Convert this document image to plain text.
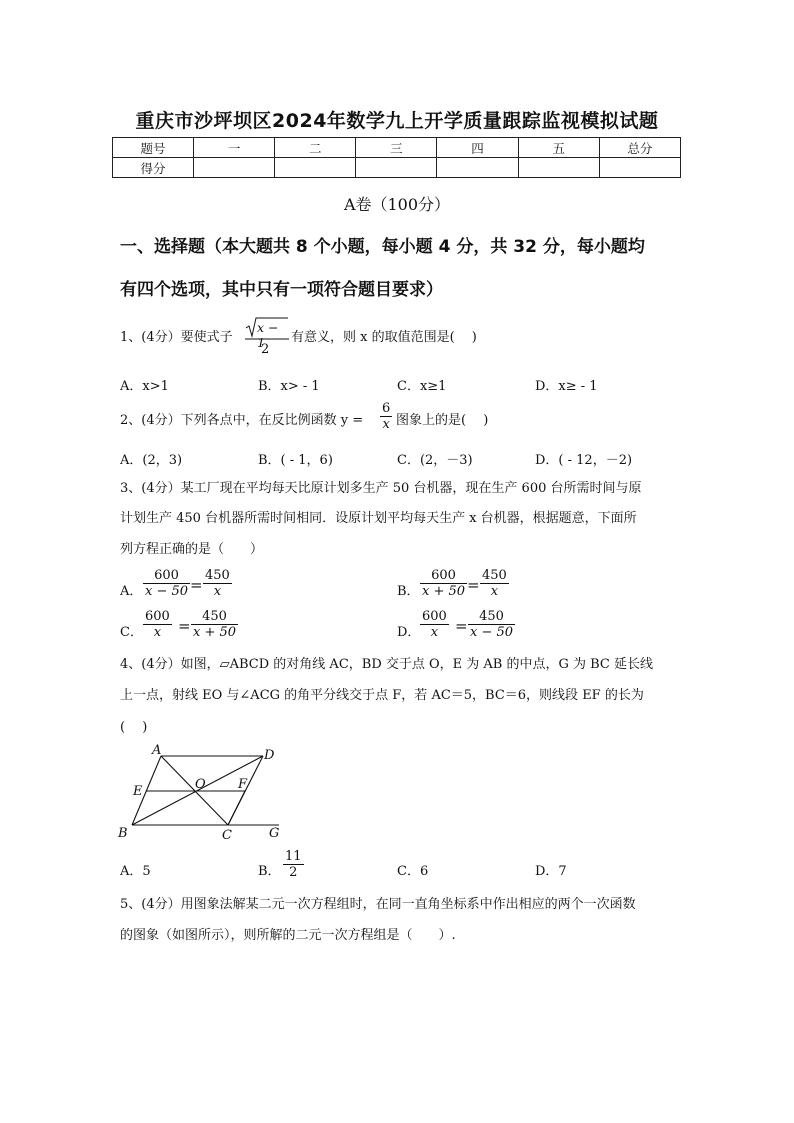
重庆市沙坪坝区2024年数学九上开学质量跟踪监视模拟试题
题号	一	二	三	四	五	总分
得分						
A卷（100分）
一、选择题（本大题共 8 个小题，每小题 4 分，共 32 分，每小题均
有四个选项，其中只有一项符合题目要求）
1、(4分）要使式子
x − 1
2
有意义，则 x 的取值范围是(　 )
A．x>1	B．x> - 1	C．x≥1	D．x≥ - 1
2、(4分）下列各点中，在反比例函数 y =	$\frac{6}{x}$ 图象上的是(　 )
A．(2，3)	B．( - 1，6)	C．(2，－3)	D．( - 12，－2)
3、(4分）某工厂现在平均每天比原计划多生产 50 台机器，现在生产 600 台所需时间与原
计划生产 450 台机器所需时间相同．设原计划平均每天生产 x 台机器，根据题意，下面所
列方程正确的是（　　）
A． $\frac{600}{x - 50} = \frac{450}{x}$	B． $\frac{600}{x + 50} = \frac{450}{x}$
C． $\frac{600}{x} = \frac{450}{x + 50}$	D． $\frac{600}{x} = \frac{450}{x - 50}$
4、(4分）如图，▱ABCD 的对角线 AC，BD 交于点 O，E 为 AB 的中点，G 为 BC 延长线
上一点，射线 EO 与∠ACG 的角平分线交于点 F，若 AC＝5，BC＝6，则线段 EF 的长为
(　 )
A	D
O
E	F
B	C	G
A．5	B． $\frac{11}{2}$	C．6	D．7
5、(4分）用图象法解某二元一次方程组时，在同一直角坐标系中作出相应的两个一次函数
的图象（如图所示），则所解的二元一次方程组是（　　）.
